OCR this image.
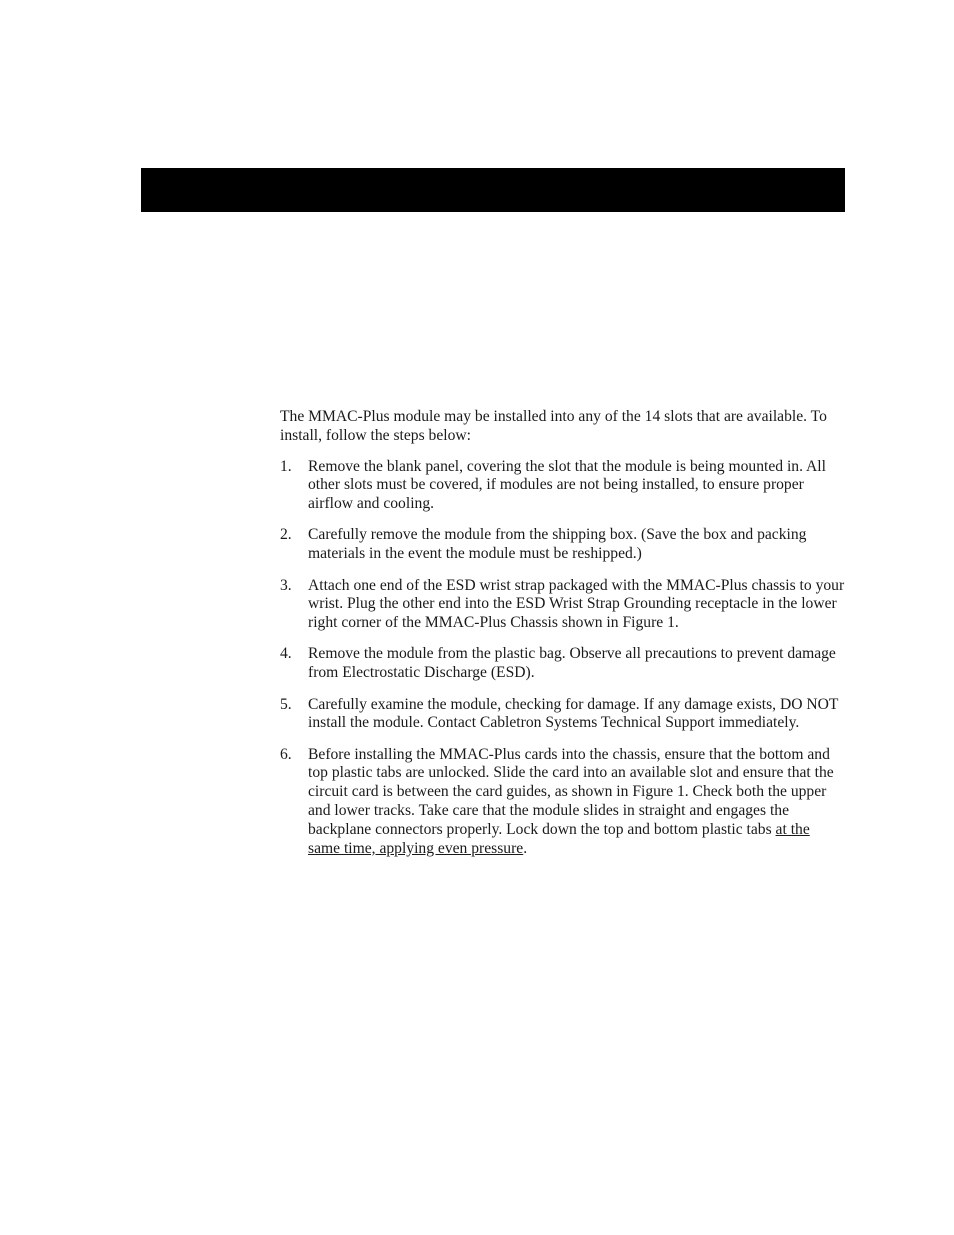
The MMAC-Plus module may be installed into any of the 14 slots that are available. To install, follow the steps below:

1. Remove the blank panel, covering the slot that the module is being mounted in. All other slots must be covered, if modules are not being installed, to ensure proper airflow and cooling.
2. Carefully remove the module from the shipping box. (Save the box and packing materials in the event the module must be reshipped.)
3. Attach one end of the ESD wrist strap packaged with the MMAC-Plus chassis to your wrist. Plug the other end into the ESD Wrist Strap Grounding receptacle in the lower right corner of the MMAC-Plus Chassis shown in Figure 1.
4. Remove the module from the plastic bag. Observe all precautions to prevent damage from Electrostatic Discharge (ESD).
5. Carefully examine the module, checking for damage. If any damage exists, DO NOT install the module. Contact Cabletron Systems Technical Support immediately.
6. Before installing the MMAC-Plus cards into the chassis, ensure that the bottom and top plastic tabs are unlocked. Slide the card into an available slot and ensure that the circuit card is between the card guides, as shown in Figure 1. Check both the upper and lower tracks. Take care that the module slides in straight and engages the backplane connectors properly. Lock down the top and bottom plastic tabs at the same time, applying even pressure.
